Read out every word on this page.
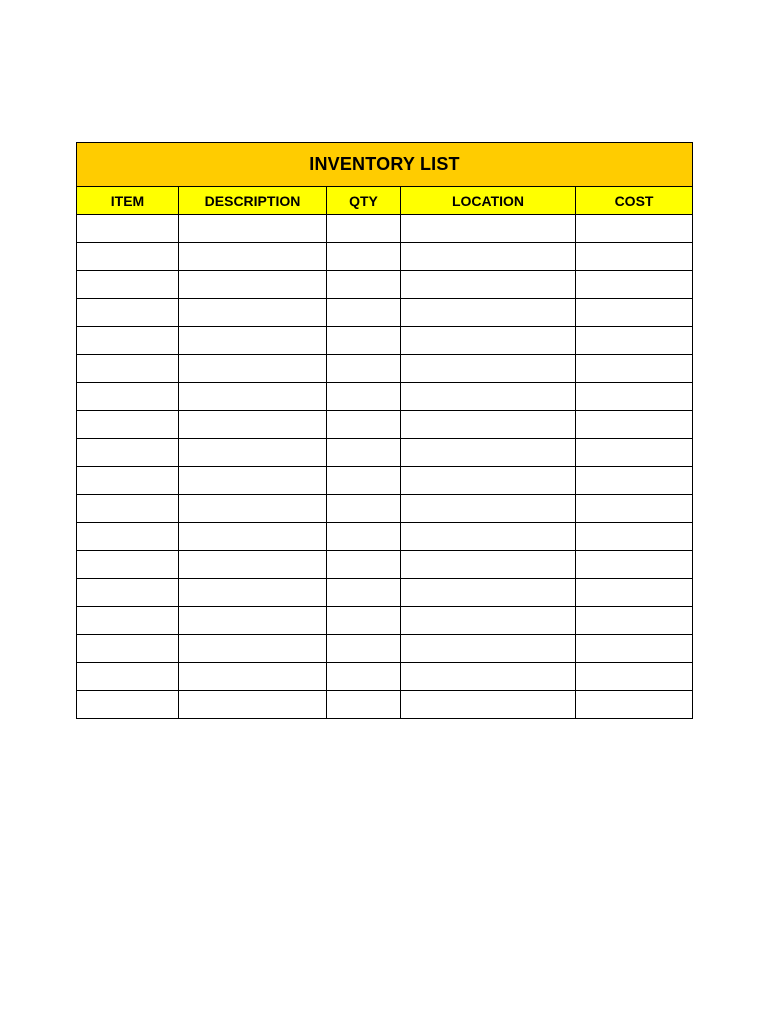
INVENTORY LIST				
ITEM	DESCRIPTION	QTY	LOCATION	COST
